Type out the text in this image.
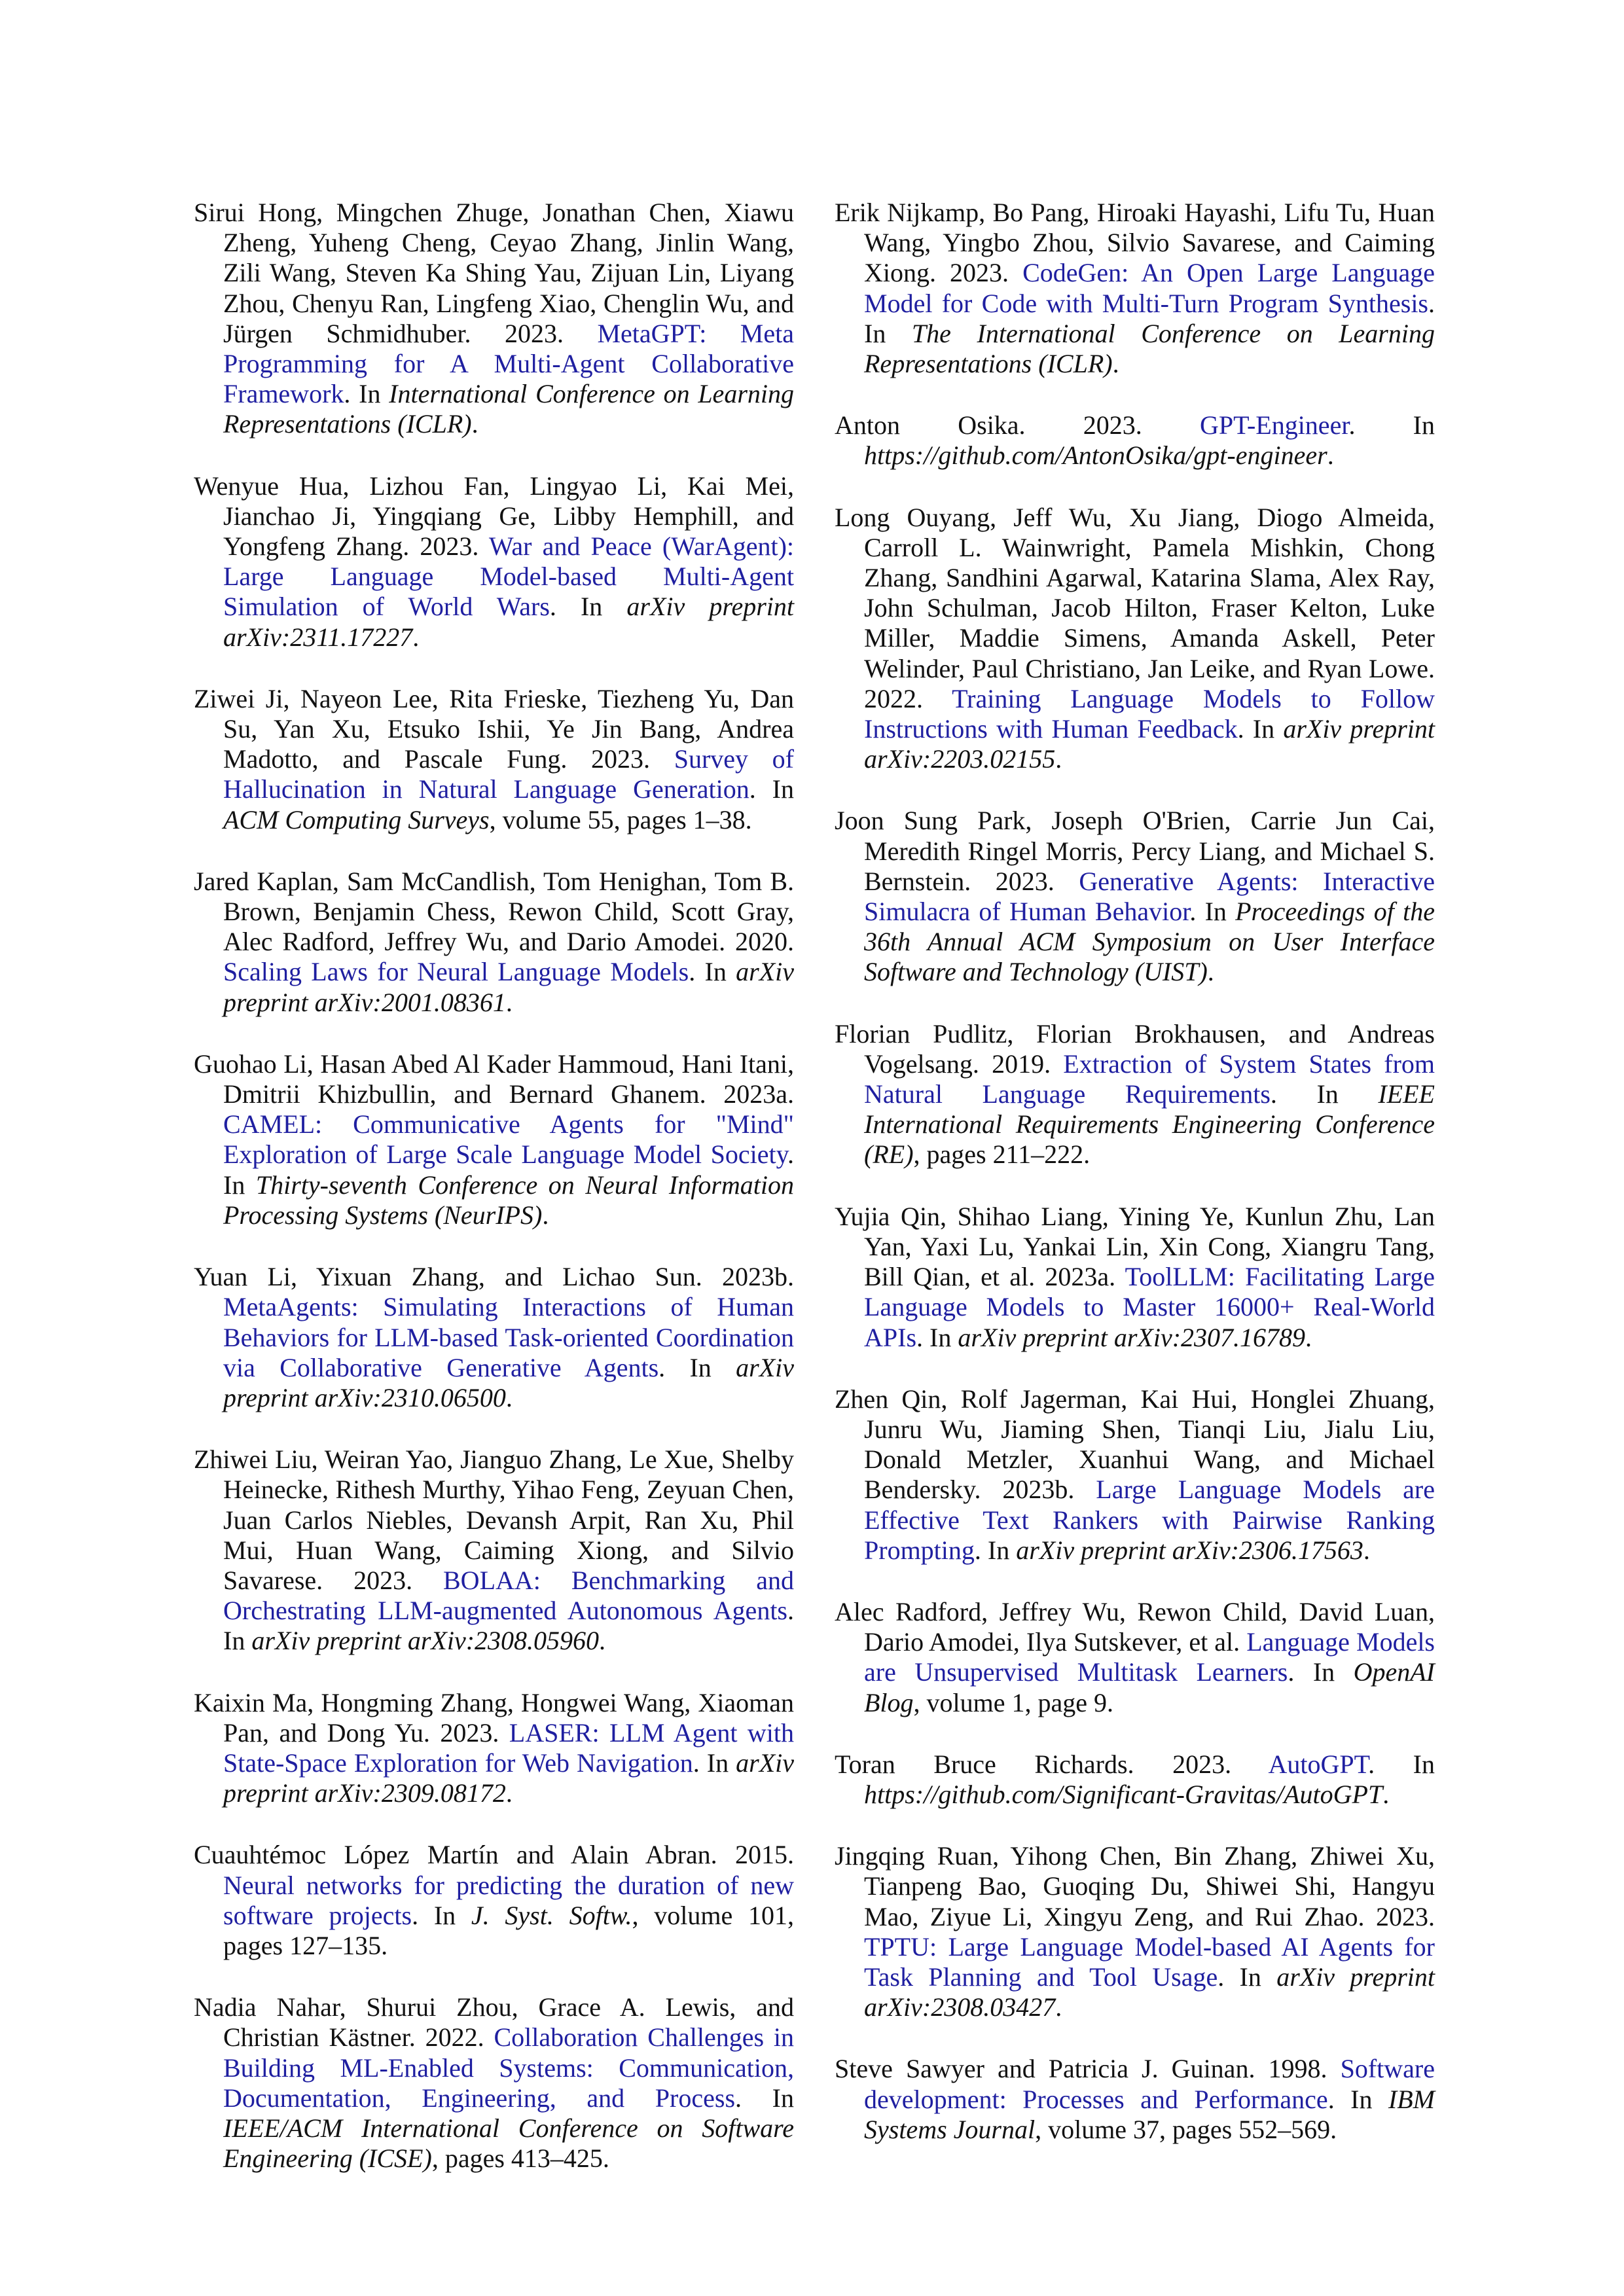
Sirui Hong, Mingchen Zhuge, Jonathan Chen, Xiawu Zheng, Yuheng Cheng, Ceyao Zhang, Jinlin Wang, Zili Wang, Steven Ka Shing Yau, Zijuan Lin, Liyang Zhou, Chenyu Ran, Lingfeng Xiao, Chenglin Wu, and Jürgen Schmidhuber. 2023. MetaGPT: Meta Programming for A Multi-Agent Collaborative Framework. In International Conference on Learning Representations (ICLR).

Wenyue Hua, Lizhou Fan, Lingyao Li, Kai Mei, Jianchao Ji, Yingqiang Ge, Libby Hemphill, and Yongfeng Zhang. 2023. War and Peace (WarAgent): Large Language Model-based Multi-Agent Simulation of World Wars. In arXiv preprint arXiv:2311.17227.

Ziwei Ji, Nayeon Lee, Rita Frieske, Tiezheng Yu, Dan Su, Yan Xu, Etsuko Ishii, Ye Jin Bang, Andrea Madotto, and Pascale Fung. 2023. Survey of Hallucination in Natural Language Generation. In ACM Computing Surveys, volume 55, pages 1–38.

Jared Kaplan, Sam McCandlish, Tom Henighan, Tom B. Brown, Benjamin Chess, Rewon Child, Scott Gray, Alec Radford, Jeffrey Wu, and Dario Amodei. 2020. Scaling Laws for Neural Language Models. In arXiv preprint arXiv:2001.08361.

Guohao Li, Hasan Abed Al Kader Hammoud, Hani Itani, Dmitrii Khizbullin, and Bernard Ghanem. 2023a. CAMEL: Communicative Agents for "Mind" Exploration of Large Scale Language Model Society. In Thirty-seventh Conference on Neural Information Processing Systems (NeurIPS).

Yuan Li, Yixuan Zhang, and Lichao Sun. 2023b. MetaAgents: Simulating Interactions of Human Behaviors for LLM-based Task-oriented Coordination via Collaborative Generative Agents. In arXiv preprint arXiv:2310.06500.

Zhiwei Liu, Weiran Yao, Jianguo Zhang, Le Xue, Shelby Heinecke, Rithesh Murthy, Yihao Feng, Zeyuan Chen, Juan Carlos Niebles, Devansh Arpit, Ran Xu, Phil Mui, Huan Wang, Caiming Xiong, and Silvio Savarese. 2023. BOLAA: Benchmarking and Orchestrating LLM-augmented Autonomous Agents. In arXiv preprint arXiv:2308.05960.

Kaixin Ma, Hongming Zhang, Hongwei Wang, Xiaoman Pan, and Dong Yu. 2023. LASER: LLM Agent with State-Space Exploration for Web Navigation. In arXiv preprint arXiv:2309.08172.

Cuauhtémoc López Martín and Alain Abran. 2015. Neural networks for predicting the duration of new software projects. In J. Syst. Softw., volume 101, pages 127–135.

Nadia Nahar, Shurui Zhou, Grace A. Lewis, and Christian Kästner. 2022. Collaboration Challenges in Building ML-Enabled Systems: Communication, Documentation, Engineering, and Process. In IEEE/ACM International Conference on Software Engineering (ICSE), pages 413–425.

Erik Nijkamp, Bo Pang, Hiroaki Hayashi, Lifu Tu, Huan Wang, Yingbo Zhou, Silvio Savarese, and Caiming Xiong. 2023. CodeGen: An Open Large Language Model for Code with Multi-Turn Program Synthesis. In The International Conference on Learning Representations (ICLR).

Anton Osika. 2023. GPT-Engineer. In https://github.com/AntonOsika/gpt-engineer.

Long Ouyang, Jeff Wu, Xu Jiang, Diogo Almeida, Carroll L. Wainwright, Pamela Mishkin, Chong Zhang, Sandhini Agarwal, Katarina Slama, Alex Ray, John Schulman, Jacob Hilton, Fraser Kelton, Luke Miller, Maddie Simens, Amanda Askell, Peter Welinder, Paul Christiano, Jan Leike, and Ryan Lowe. 2022. Training Language Models to Follow Instructions with Human Feedback. In arXiv preprint arXiv:2203.02155.

Joon Sung Park, Joseph O'Brien, Carrie Jun Cai, Meredith Ringel Morris, Percy Liang, and Michael S. Bernstein. 2023. Generative Agents: Interactive Simulacra of Human Behavior. In Proceedings of the 36th Annual ACM Symposium on User Interface Software and Technology (UIST).

Florian Pudlitz, Florian Brokhausen, and Andreas Vogelsang. 2019. Extraction of System States from Natural Language Requirements. In IEEE International Requirements Engineering Conference (RE), pages 211–222.

Yujia Qin, Shihao Liang, Yining Ye, Kunlun Zhu, Lan Yan, Yaxi Lu, Yankai Lin, Xin Cong, Xiangru Tang, Bill Qian, et al. 2023a. ToolLLM: Facilitating Large Language Models to Master 16000+ Real-World APIs. In arXiv preprint arXiv:2307.16789.

Zhen Qin, Rolf Jagerman, Kai Hui, Honglei Zhuang, Junru Wu, Jiaming Shen, Tianqi Liu, Jialu Liu, Donald Metzler, Xuanhui Wang, and Michael Bendersky. 2023b. Large Language Models are Effective Text Rankers with Pairwise Ranking Prompting. In arXiv preprint arXiv:2306.17563.

Alec Radford, Jeffrey Wu, Rewon Child, David Luan, Dario Amodei, Ilya Sutskever, et al. Language Models are Unsupervised Multitask Learners. In OpenAI Blog, volume 1, page 9.

Toran Bruce Richards. 2023. AutoGPT. In https://github.com/Significant-Gravitas/AutoGPT.

Jingqing Ruan, Yihong Chen, Bin Zhang, Zhiwei Xu, Tianpeng Bao, Guoqing Du, Shiwei Shi, Hangyu Mao, Ziyue Li, Xingyu Zeng, and Rui Zhao. 2023. TPTU: Large Language Model-based AI Agents for Task Planning and Tool Usage. In arXiv preprint arXiv:2308.03427.

Steve Sawyer and Patricia J. Guinan. 1998. Software development: Processes and Performance. In IBM Systems Journal, volume 37, pages 552–569.
